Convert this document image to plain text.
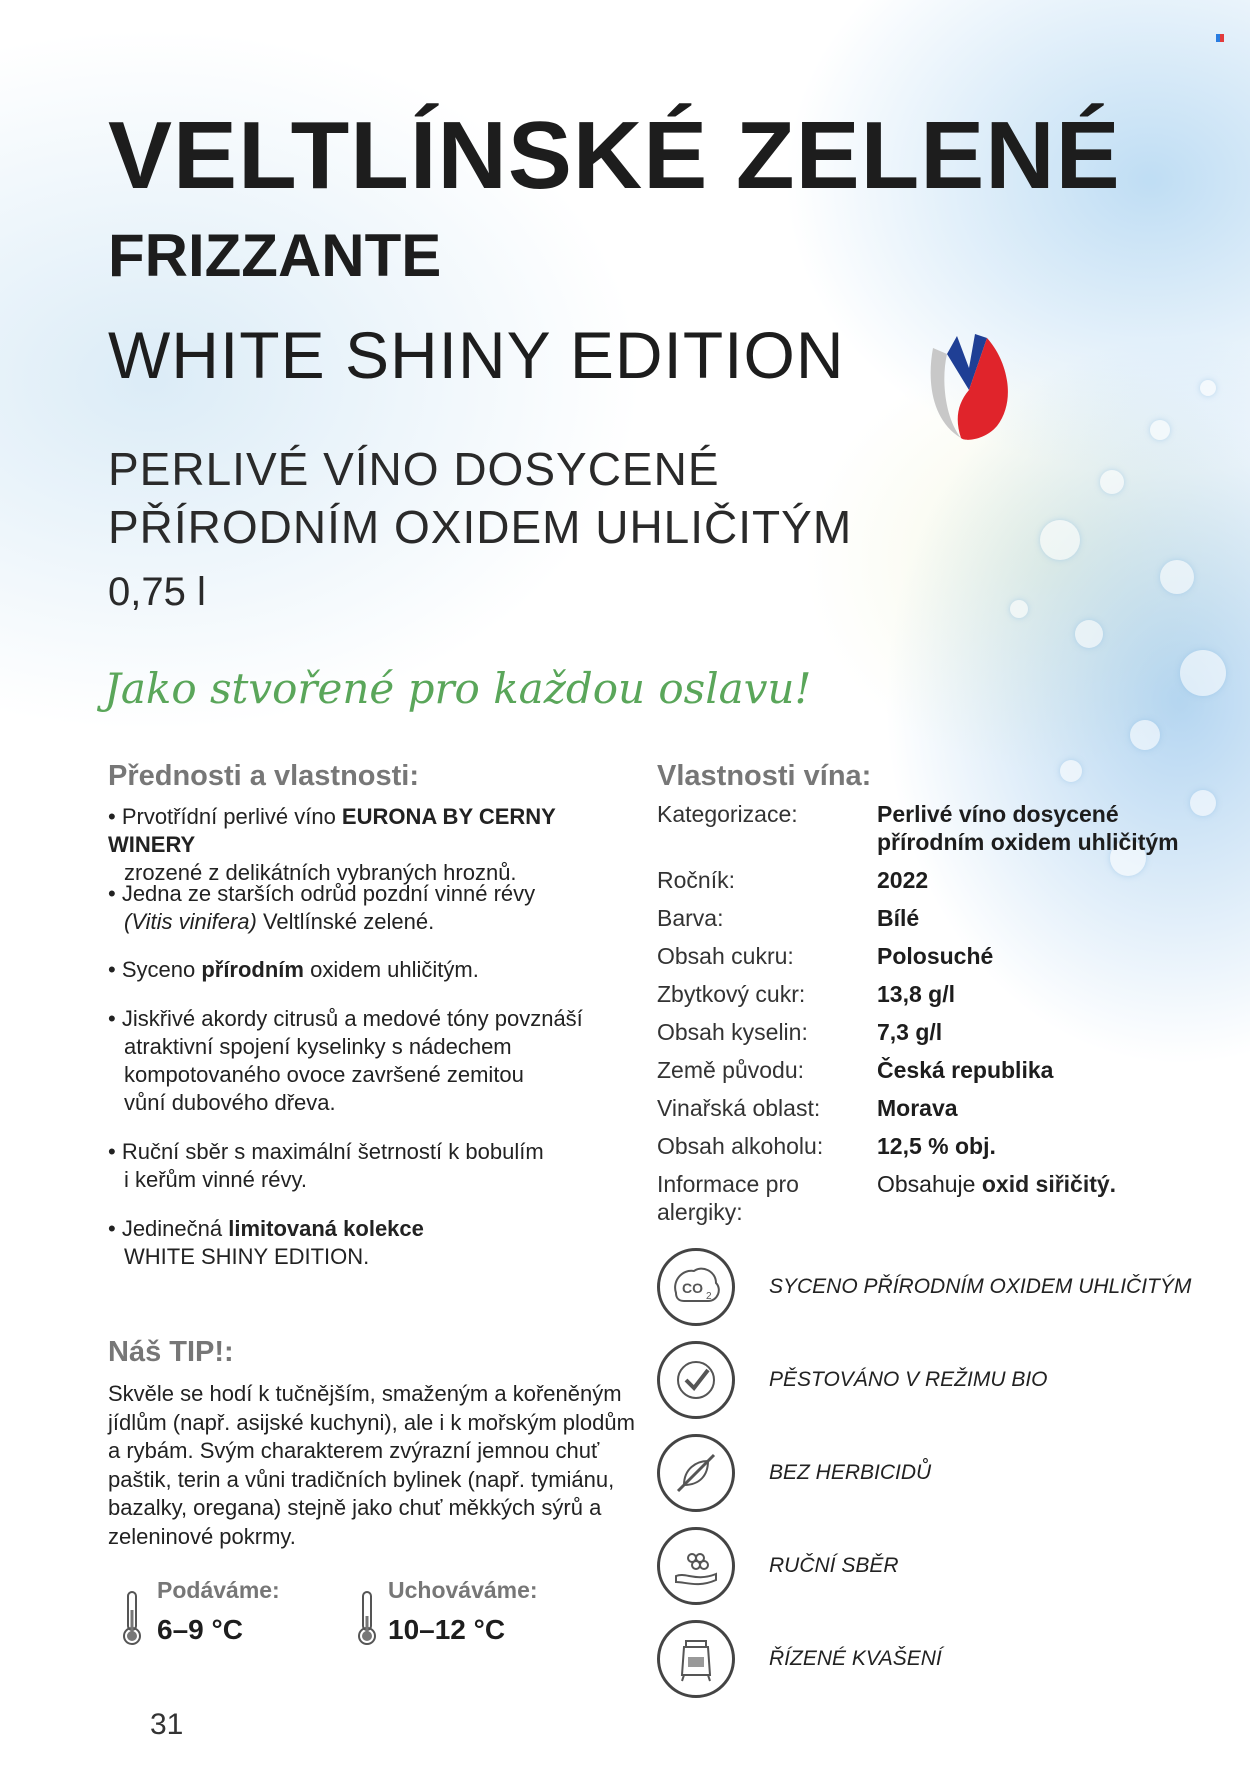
VELTLÍNSKÉ ZELENÉ
FRIZZANTE
WHITE SHINY EDITION
PERLIVÉ VÍNO DOSYCENÉ
PŘÍRODNÍM OXIDEM UHLIČITÝM
0,75 l
Jako stvořené pro každou oslavu!
Přednosti a vlastnosti:
• Prvotřídní perlivé víno EURONA BY CERNY WINERY
zrozené z delikátních vybraných hroznů.
• Jedna ze starších odrůd pozdní vinné révy
(Vitis vinifera) Veltlínské zelené.
• Syceno přírodním oxidem uhličitým.
• Jiskřivé akordy citrusů a medové tóny povznáší
atraktivní spojení kyselinky s nádechem
kompotovaného ovoce završené zemitou
vůní dubového dřeva.
• Ruční sběr s maximální šetrností k bobulím
i keřům vinné révy.
• Jedinečná limitovaná kolekce
WHITE SHINY EDITION.
Vlastnosti vína:
Kategorizace:	Perlivé víno dosycené
přírodním oxidem uhličitým
Ročník:	2022
Barva:	Bílé
Obsah cukru:	Polosuché
Zbytkový cukr:	13,8 g/l
Obsah kyselin:	7,3 g/l
Země původu:	Česká republika
Vinařská oblast:	Morava
Obsah alkoholu:	12,5 % obj.
Informace pro alergiky:
Obsahuje oxid siřičitý.
CO
2	SYCENO PŘÍRODNÍM OXIDEM UHLIČITÝM
PĚSTOVÁNO V REŽIMU BIO
BEZ HERBICIDŮ
RUČNÍ SBĚR
ŘÍZENÉ KVAŠENÍ
Náš TIP!:
Skvěle se hodí k tučnějším, smaženým a kořeněným jídlům (např. asijské kuchyni), ale i k mořským plodům a rybám. Svým charakterem zvýrazní jemnou chuť paštik, terin a vůni tradičních bylinek (např. tymiánu, bazalky, oregana) stejně jako chuť měkkých sýrů a zeleninové pokrmy.
Podáváme:
6–9 °C
Uchováváme:
10–12 °C
31
